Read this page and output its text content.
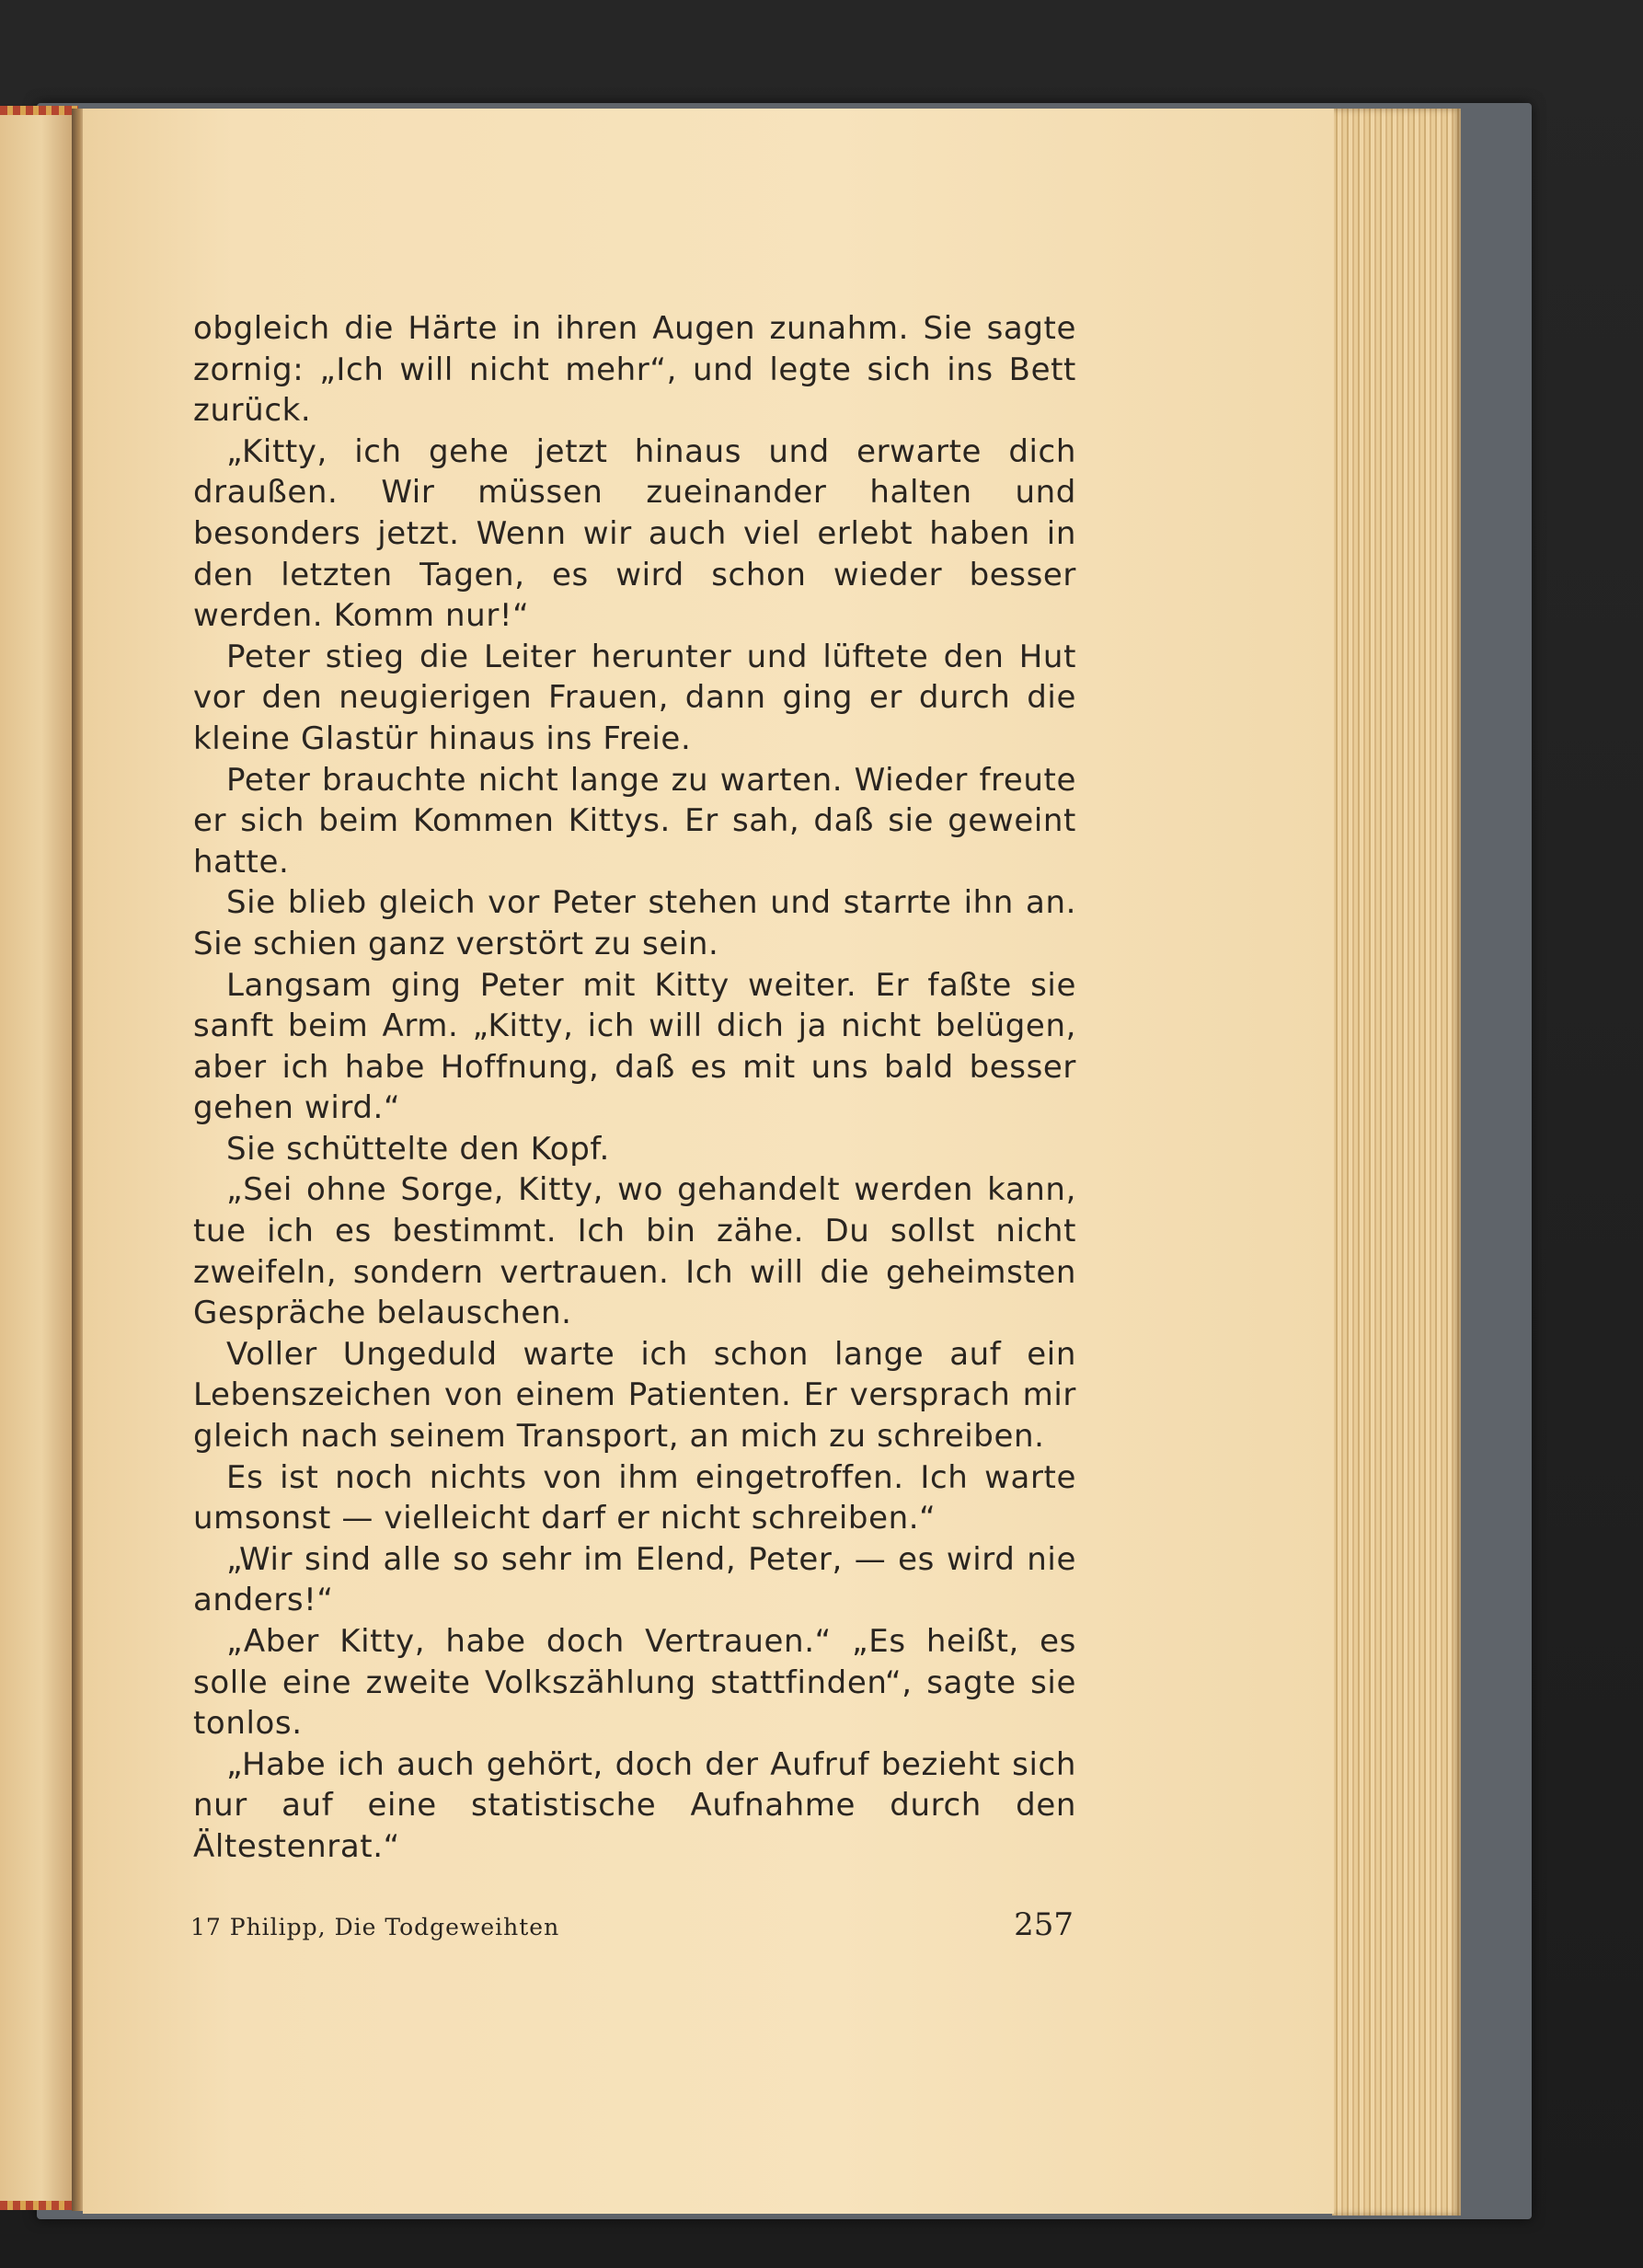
obgleich die Härte in ihren Augen zunahm. Sie sagte zornig: „Ich will nicht mehr“, und legte sich ins Bett zurück.

„Kitty, ich gehe jetzt hinaus und erwarte dich draußen. Wir müssen zueinander halten und besonders jetzt. Wenn wir auch viel erlebt haben in den letzten Tagen, es wird schon wieder besser werden. Komm nur!“

Peter stieg die Leiter herunter und lüftete den Hut vor den neugierigen Frauen, dann ging er durch die kleine Glastür hinaus ins Freie.

Peter brauchte nicht lange zu warten. Wieder freute er sich beim Kommen Kittys. Er sah, daß sie geweint hatte.

Sie blieb gleich vor Peter stehen und starrte ihn an. Sie schien ganz verstört zu sein.

Langsam ging Peter mit Kitty weiter. Er faßte sie sanft beim Arm. „Kitty, ich will dich ja nicht belügen, aber ich habe Hoffnung, daß es mit uns bald besser gehen wird.“

Sie schüttelte den Kopf.

„Sei ohne Sorge, Kitty, wo gehandelt werden kann, tue ich es bestimmt. Ich bin zähe. Du sollst nicht zweifeln, sondern vertrauen. Ich will die geheimsten Gespräche belauschen.

Voller Ungeduld warte ich schon lange auf ein Lebenszeichen von einem Patienten. Er versprach mir gleich nach seinem Transport, an mich zu schreiben.

Es ist noch nichts von ihm eingetroffen. Ich warte umsonst — vielleicht darf er nicht schreiben.“

„Wir sind alle so sehr im Elend, Peter, — es wird nie anders!“

„Aber Kitty, habe doch Vertrauen.“ „Es heißt, es solle eine zweite Volkszählung stattfinden“, sagte sie tonlos.

„Habe ich auch gehört, doch der Aufruf bezieht sich nur auf eine statistische Aufnahme durch den Ältestenrat.“

17 Philipp, Die Todgeweihten	257
